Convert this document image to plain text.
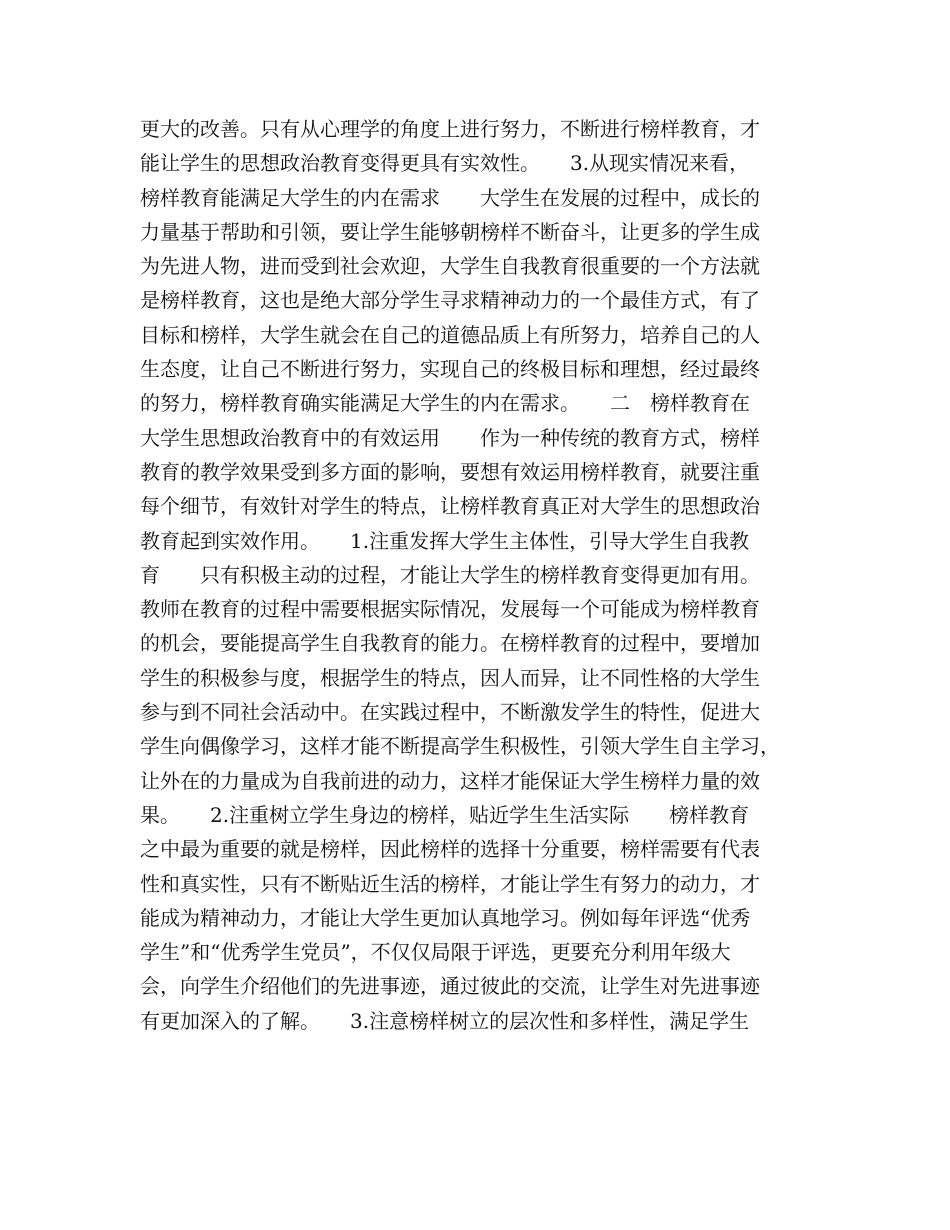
更大的改善。只有从心理学的角度上进行努力，不断进行榜样教育，才
能让学生的思想政治教育变得更具有实效性。　　3.从现实情况来看，
榜样教育能满足大学生的内在需求　　大学生在发展的过程中，成长的
力量基于帮助和引领，要让学生能够朝榜样不断奋斗，让更多的学生成
为先进人物，进而受到社会欢迎，大学生自我教育很重要的一个方法就
是榜样教育，这也是绝大部分学生寻求精神动力的一个最佳方式，有了
目标和榜样，大学生就会在自己的道德品质上有所努力，培养自己的人
生态度，让自己不断进行努力，实现自己的终极目标和理想，经过最终
的努力，榜样教育确实能满足大学生的内在需求。　　二　榜样教育在
大学生思想政治教育中的有效运用　　作为一种传统的教育方式，榜样
教育的教学效果受到多方面的影响，要想有效运用榜样教育，就要注重
每个细节，有效针对学生的特点，让榜样教育真正对大学生的思想政治
教育起到实效作用。　　1.注重发挥大学生主体性，引导大学生自我教
育　　只有积极主动的过程，才能让大学生的榜样教育变得更加有用。
教师在教育的过程中需要根据实际情况，发展每一个可能成为榜样教育
的机会，要能提高学生自我教育的能力。在榜样教育的过程中，要增加
学生的积极参与度，根据学生的特点，因人而异，让不同性格的大学生
参与到不同社会活动中。在实践过程中，不断激发学生的特性，促进大
学生向偶像学习，这样才能不断提高学生积极性，引领大学生自主学习，
让外在的力量成为自我前进的动力，这样才能保证大学生榜样力量的效
果。　　2.注重树立学生身边的榜样，贴近学生生活实际　　榜样教育
之中最为重要的就是榜样，因此榜样的选择十分重要，榜样需要有代表
性和真实性，只有不断贴近生活的榜样，才能让学生有努力的动力，才
能成为精神动力，才能让大学生更加认真地学习。例如每年评选“优秀
学生”和“优秀学生党员”，不仅仅局限于评选，更要充分利用年级大
会，向学生介绍他们的先进事迹，通过彼此的交流，让学生对先进事迹
有更加深入的了解。　　3.注意榜样树立的层次性和多样性，满足学生
